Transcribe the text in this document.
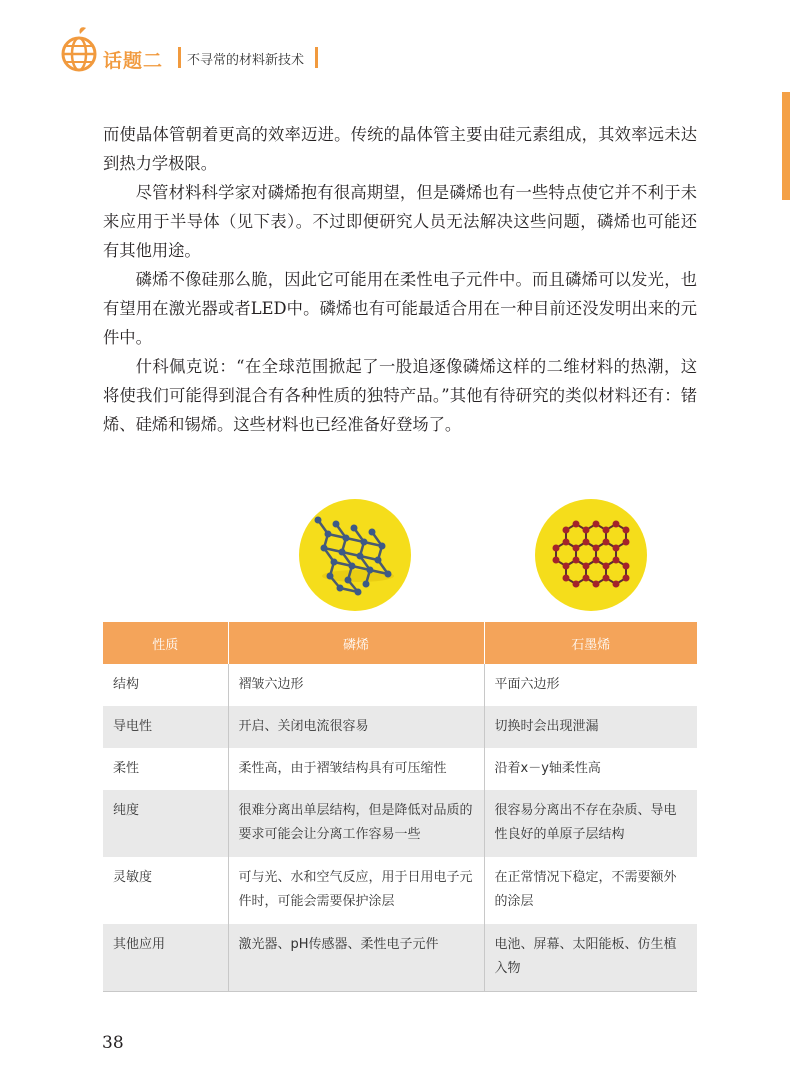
话题二 不寻常的材料新技术

而使晶体管朝着更高的效率迈进。传统的晶体管主要由硅元素组成，其效率远未达到热力学极限。

尽管材料科学家对磷烯抱有很高期望，但是磷烯也有一些特点使它并不利于未来应用于半导体（见下表）。不过即便研究人员无法解决这些问题，磷烯也可能还有其他用途。

磷烯不像硅那么脆，因此它可能用在柔性电子元件中。而且磷烯可以发光，也有望用在激光器或者LED中。磷烯也有可能最适合用在一种目前还没发明出来的元件中。

什科佩克说：“在全球范围掀起了一股追逐像磷烯这样的二维材料的热潮，这将使我们可能得到混合有各种性质的独特产品。”其他有待研究的类似材料还有：锗烯、硅烯和锡烯。这些材料也已经准备好登场了。

性质	磷烯	石墨烯
结构	褶皱六边形	平面六边形
导电性	开启、关闭电流很容易	切换时会出现泄漏
柔性	柔性高，由于褶皱结构具有可压缩性	沿着x－y轴柔性高
纯度	很难分离出单层结构，但是降低对品质的要求可能会让分离工作容易一些	很容易分离出不存在杂质、导电性良好的单原子层结构
灵敏度	可与光、水和空气反应，用于日用电子元件时，可能会需要保护涂层	在正常情况下稳定，不需要额外的涂层
其他应用	激光器、pH传感器、柔性电子元件	电池、屏幕、太阳能板、仿生植入物
38
